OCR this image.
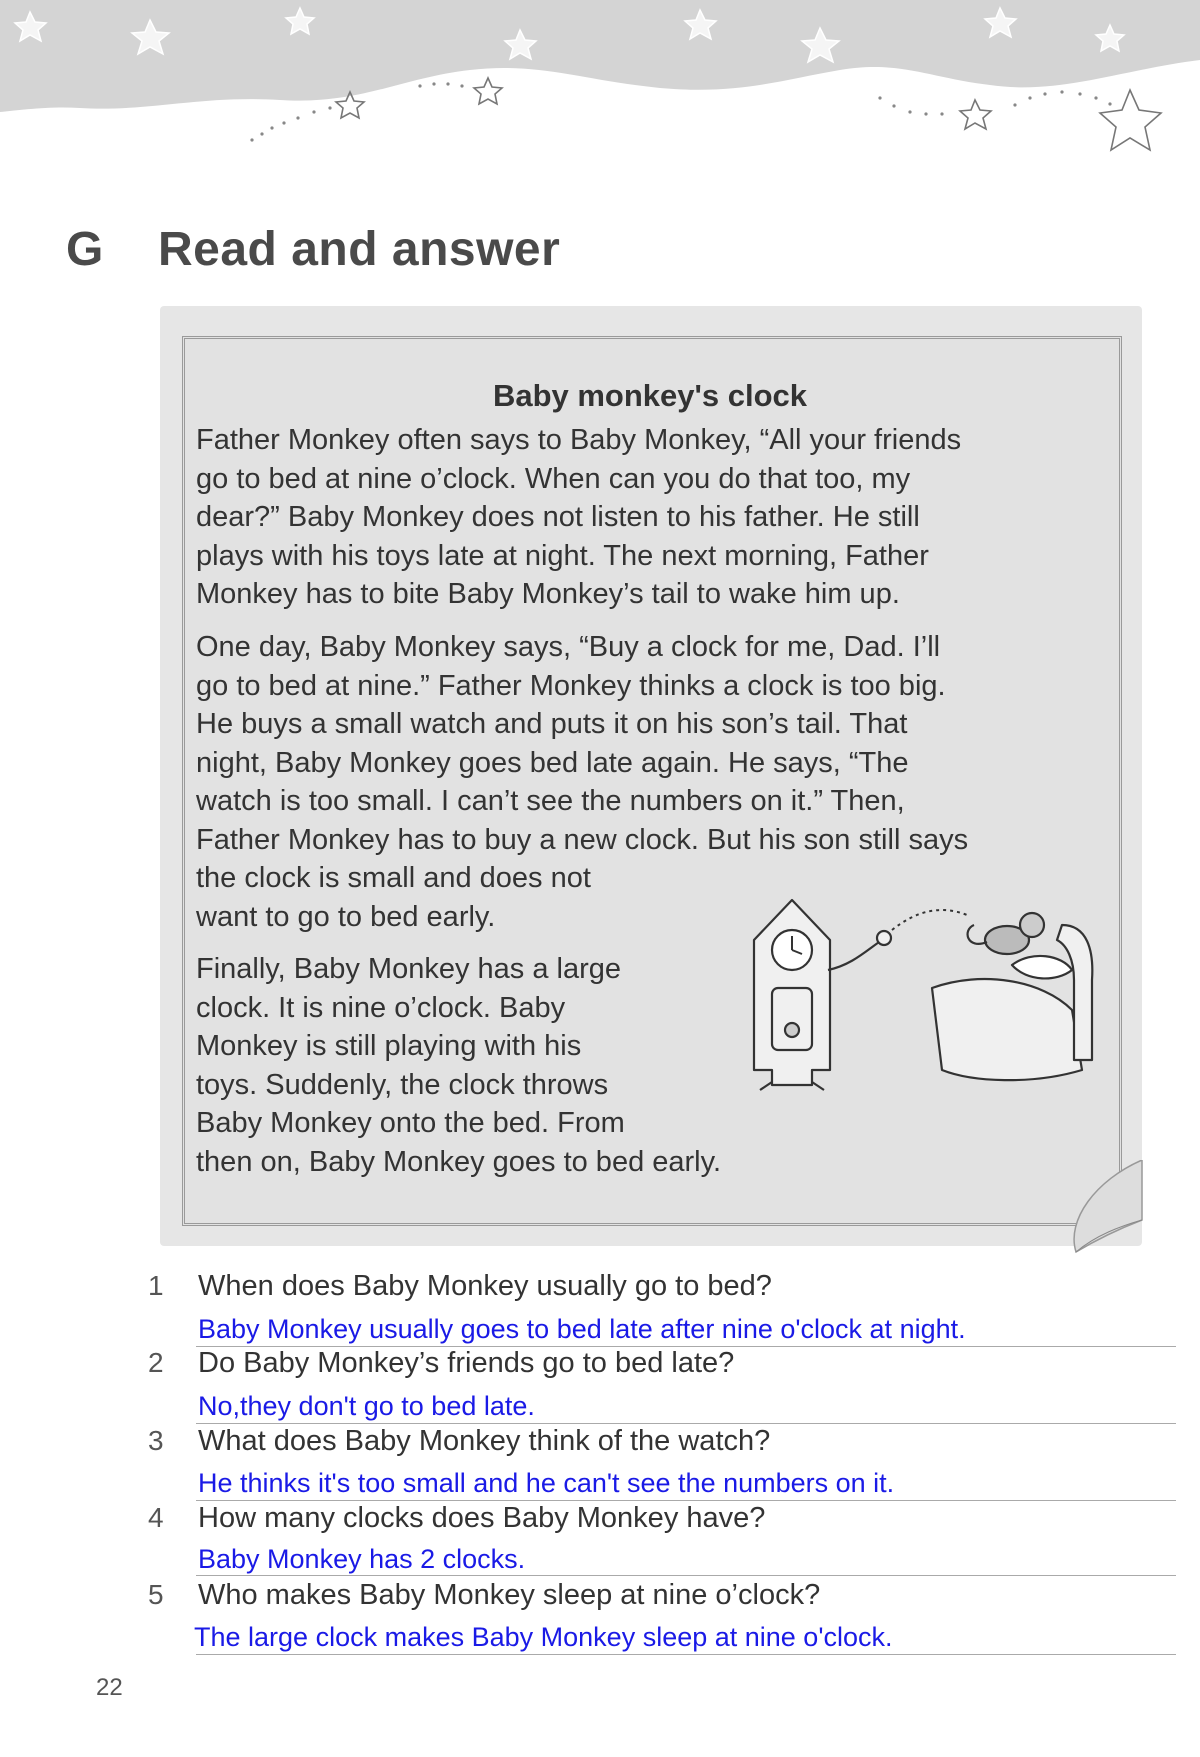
G Read and answer
Baby monkey's clock

Father Monkey often says to Baby Monkey, “All your friends
go to bed at nine o’clock. When can you do that too, my
dear?” Baby Monkey does not listen to his father. He still
plays with his toys late at night. The next morning, Father
Monkey has to bite Baby Monkey’s tail to wake him up.

One day, Baby Monkey says, “Buy a clock for me, Dad. I’ll
go to bed at nine.” Father Monkey thinks a clock is too big.
He buys a small watch and puts it on his son’s tail. That
night, Baby Monkey goes bed late again. He says, “The
watch is too small. I can’t see the numbers on it.” Then,
Father Monkey has to buy a new clock. But his son still says
the clock is small and does not
want to go to bed early.

Finally, Baby Monkey has a large
clock. It is nine o’clock. Baby
Monkey is still playing with his
toys. Suddenly, the clock throws
Baby Monkey onto the bed. From
then on, Baby Monkey goes to bed early.

1 When does Baby Monkey usually go to bed?
Baby Monkey usually goes to bed late after nine o'clock at night.
2 Do Baby Monkey’s friends go to bed late?
No,they don't go to bed late.
3 What does Baby Monkey think of the watch?
He thinks it's too small and he can't see the numbers on it.
4 How many clocks does Baby Monkey have?
Baby Monkey has 2 clocks.
5 Who makes Baby Monkey sleep at nine o’clock?
The large clock makes Baby Monkey sleep at nine o'clock.
22
